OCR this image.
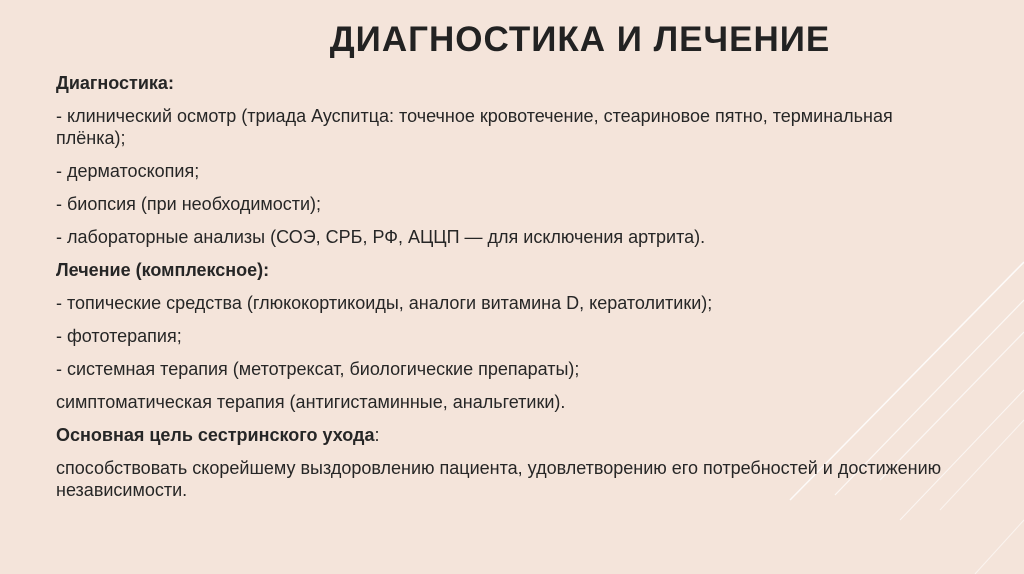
ДИАГНОСТИКА И ЛЕЧЕНИЕ

Диагностика:

- клинический осмотр (триада Ауспитца: точечное кровотечение, стеариновое пятно, терминальная плёнка);

- дерматоскопия;

- биопсия (при необходимости);

- лабораторные анализы (СОЭ, СРБ, РФ, АЦЦП — для исключения артрита).

Лечение (комплексное):

- топические средства (глюкокортикоиды, аналоги витамина D, кератолитики);

- фототерапия;

- системная терапия (метотрексат, биологические препараты);

симптоматическая терапия (антигистаминные, анальгетики).

Основная цель сестринского ухода:

способствовать скорейшему выздоровлению пациента, удовлетворению его потребностей и достижению независимости.
